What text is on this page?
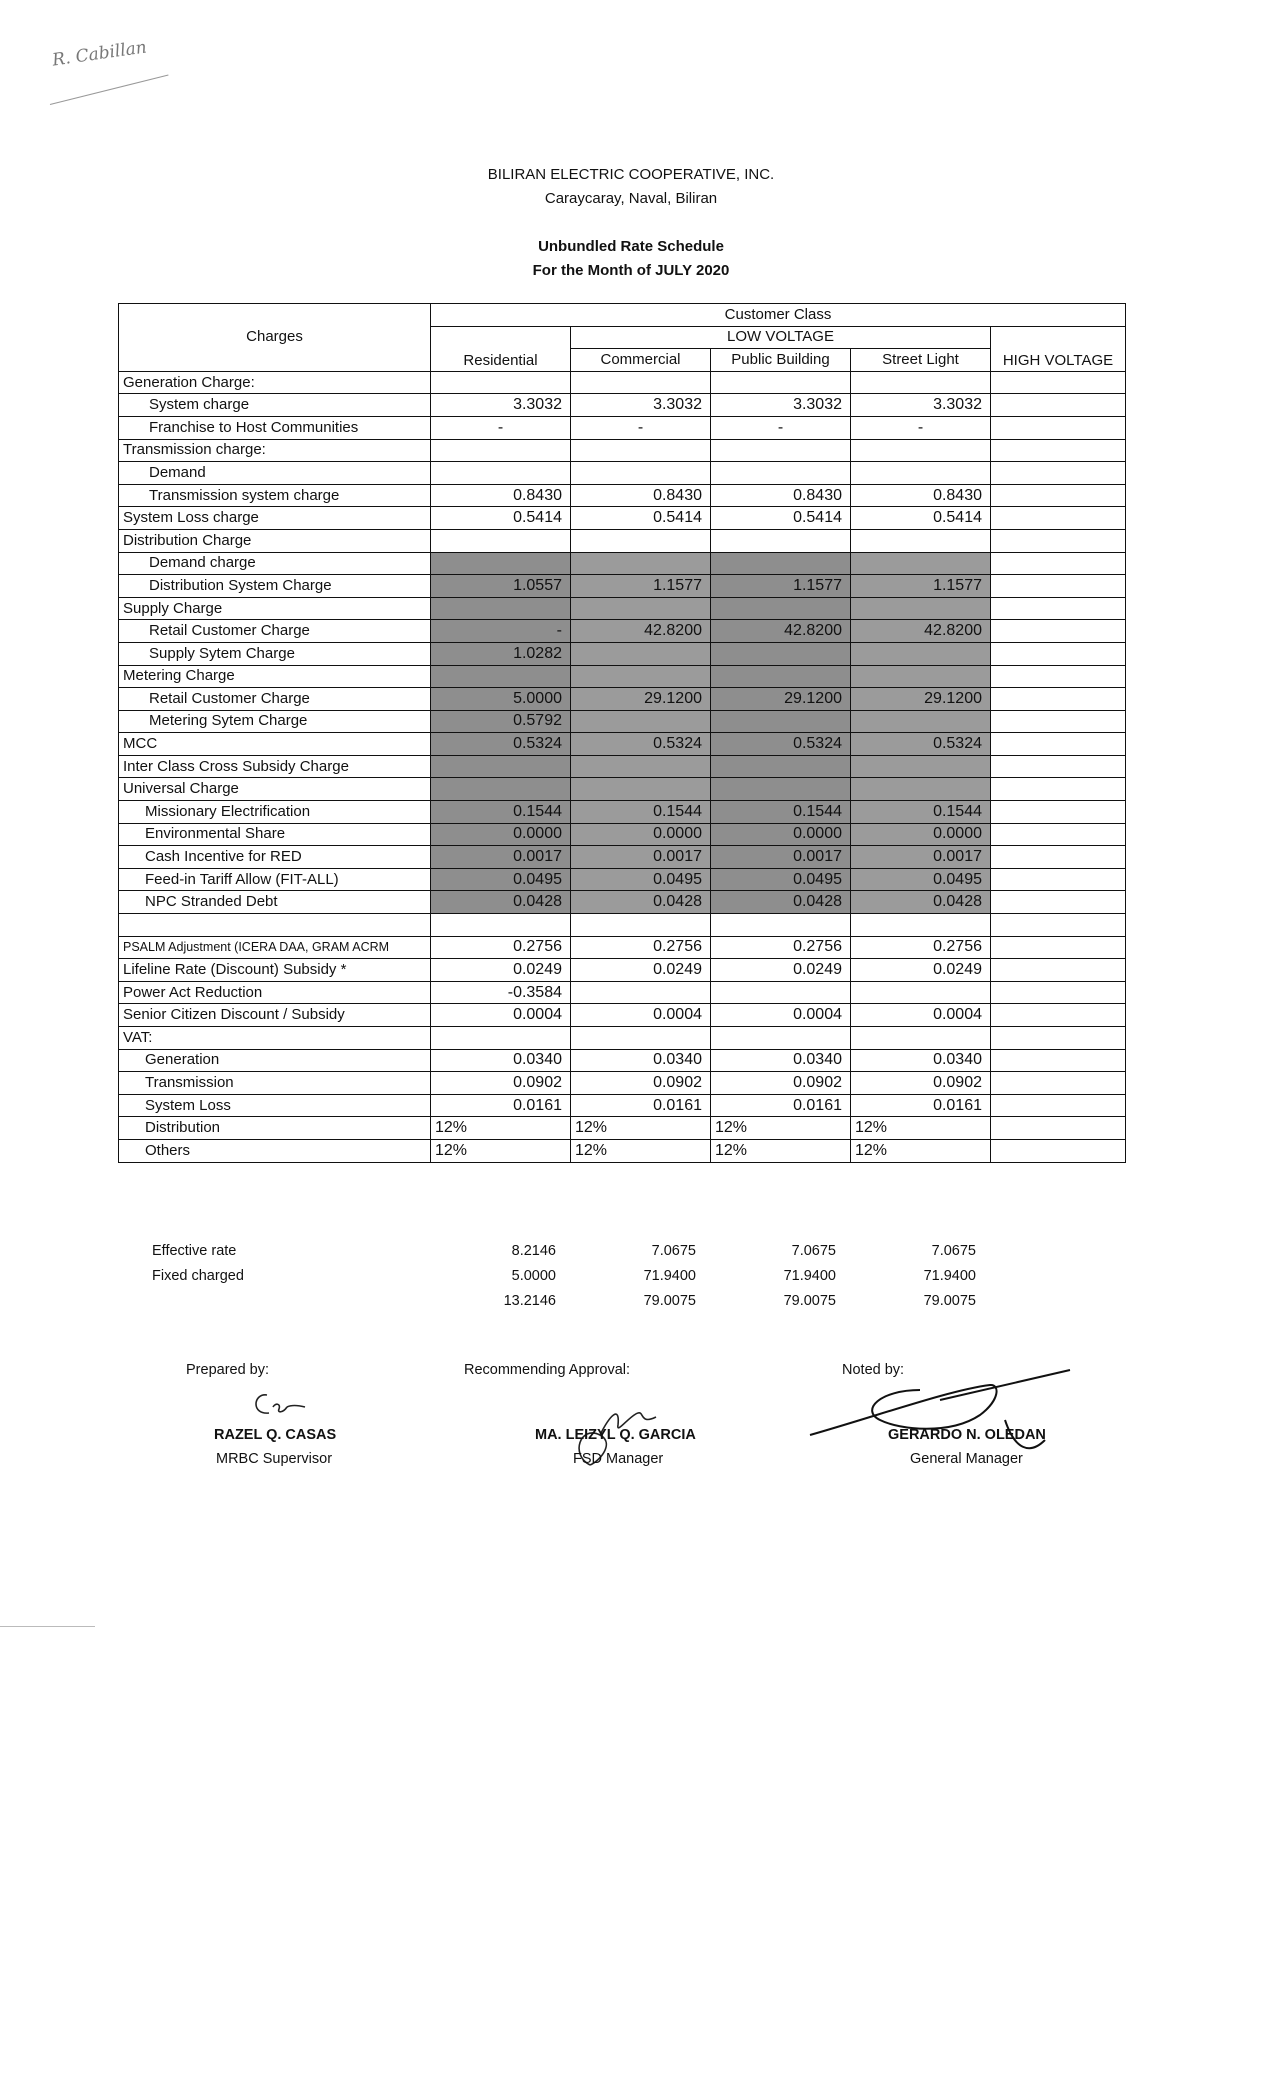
R. Cabillan
BILIRAN ELECTRIC COOPERATIVE, INC.
Caraycaray, Naval, Biliran
Unbundled Rate Schedule
For the Month of JULY 2020
Charges	Customer Class				
	Residential	LOW VOLTAGE			HIGH VOLTAGE
		Commercial	Public Building	Street Light	
Generation Charge:					
System charge	3.3032	3.3032	3.3032	3.3032	
Franchise to Host Communities	-	-	-	-	
Transmission charge:					
Demand					
Transmission system charge	0.8430	0.8430	0.8430	0.8430	
System Loss charge	0.5414	0.5414	0.5414	0.5414	
Distribution Charge					
Demand charge					
Distribution System Charge	1.0557	1.1577	1.1577	1.1577	
Supply Charge					
Retail Customer Charge	-	42.8200	42.8200	42.8200	
Supply Sytem Charge	1.0282				
Metering Charge					
Retail Customer Charge	5.0000	29.1200	29.1200	29.1200	
Metering Sytem Charge	0.5792				
MCC	0.5324	0.5324	0.5324	0.5324	
Inter Class Cross Subsidy Charge					
Universal Charge					
Missionary Electrification	0.1544	0.1544	0.1544	0.1544	
Environmental Share	0.0000	0.0000	0.0000	0.0000	
Cash Incentive for RED	0.0017	0.0017	0.0017	0.0017	
Feed-in Tariff Allow (FIT-ALL)	0.0495	0.0495	0.0495	0.0495	
NPC Stranded Debt	0.0428	0.0428	0.0428	0.0428	

PSALM Adjustment (ICERA DAA, GRAM ACRM	0.2756	0.2756	0.2756	0.2756	
Lifeline Rate (Discount) Subsidy *	0.0249	0.0249	0.0249	0.0249	
Power Act Reduction	-0.3584				
Senior Citizen Discount / Subsidy	0.0004	0.0004	0.0004	0.0004	
VAT:					
Generation	0.0340	0.0340	0.0340	0.0340	
Transmission	0.0902	0.0902	0.0902	0.0902	
System Loss	0.0161	0.0161	0.0161	0.0161	
Distribution	12%	12%	12%	12%	
Others	12%	12%	12%	12%	
Effective rate	8.2146	7.0675	7.0675	7.0675
Fixed charged	5.0000	71.9400	71.9400	71.9400
13.2146	79.0075	79.0075	79.0075
Prepared by:	Recommending Approval:	Noted by:
RAZEL Q. CASAS
MRBC Supervisor
MA. LEIZYL Q. GARCIA
FSD Manager
GERARDO N. OLEDAN
General Manager
